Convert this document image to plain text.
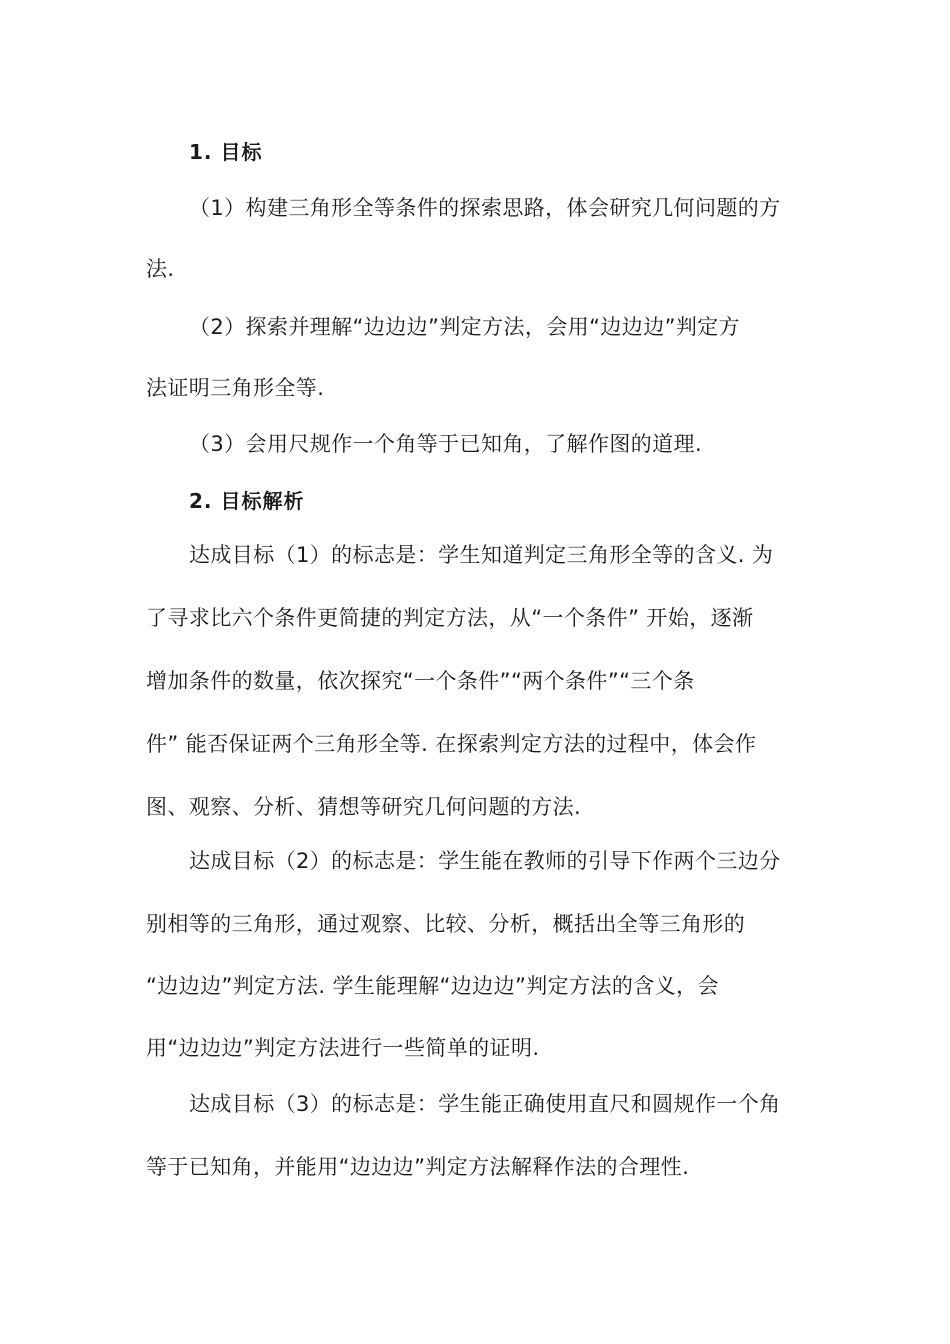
1. 目标
（1）构建三角形全等条件的探索思路，体会研究几何问题的方
法.
（2）探索并理解“边边边”判定方法，会用“边边边”判定方
法证明三角形全等.
（3）会用尺规作一个角等于已知角，了解作图的道理.
2. 目标解析
达成目标（1）的标志是：学生知道判定三角形全等的含义. 为
了寻求比六个条件更简捷的判定方法，从“一个条件” 开始，逐渐
增加条件的数量，依次探究“一个条件”“两个条件”“三个条
件” 能否保证两个三角形全等. 在探索判定方法的过程中，体会作
图、观察、分析、猜想等研究几何问题的方法.
达成目标（2）的标志是：学生能在教师的引导下作两个三边分
别相等的三角形，通过观察、比较、分析，概括出全等三角形的
“边边边”判定方法. 学生能理解“边边边”判定方法的含义，会
用“边边边”判定方法进行一些简单的证明.
达成目标（3）的标志是：学生能正确使用直尺和圆规作一个角
等于已知角，并能用“边边边”判定方法解释作法的合理性.
